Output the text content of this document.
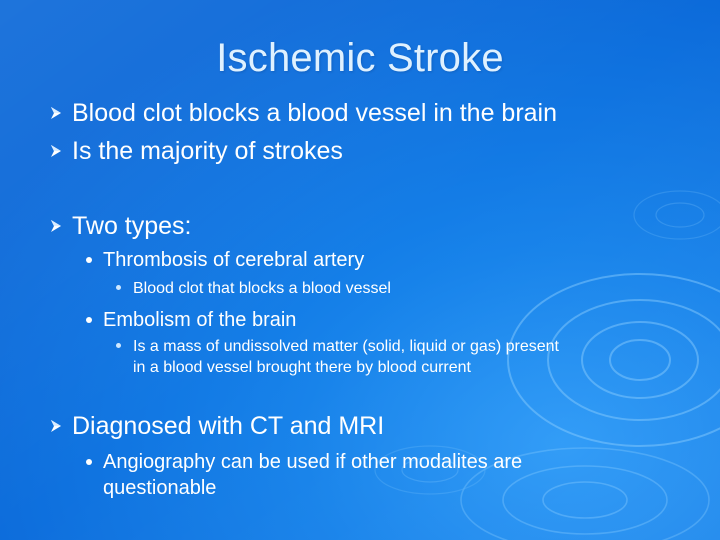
Ischemic Stroke
Blood clot blocks a blood vessel in the brain
Is the majority of strokes
Two types:
Thrombosis of cerebral artery
Blood clot that blocks a blood vessel
Embolism of the brain
Is a mass of undissolved matter (solid, liquid or gas) present
in a blood vessel brought there by blood current
Diagnosed with CT and MRI
Angiography can be used if other modalites are
questionable
